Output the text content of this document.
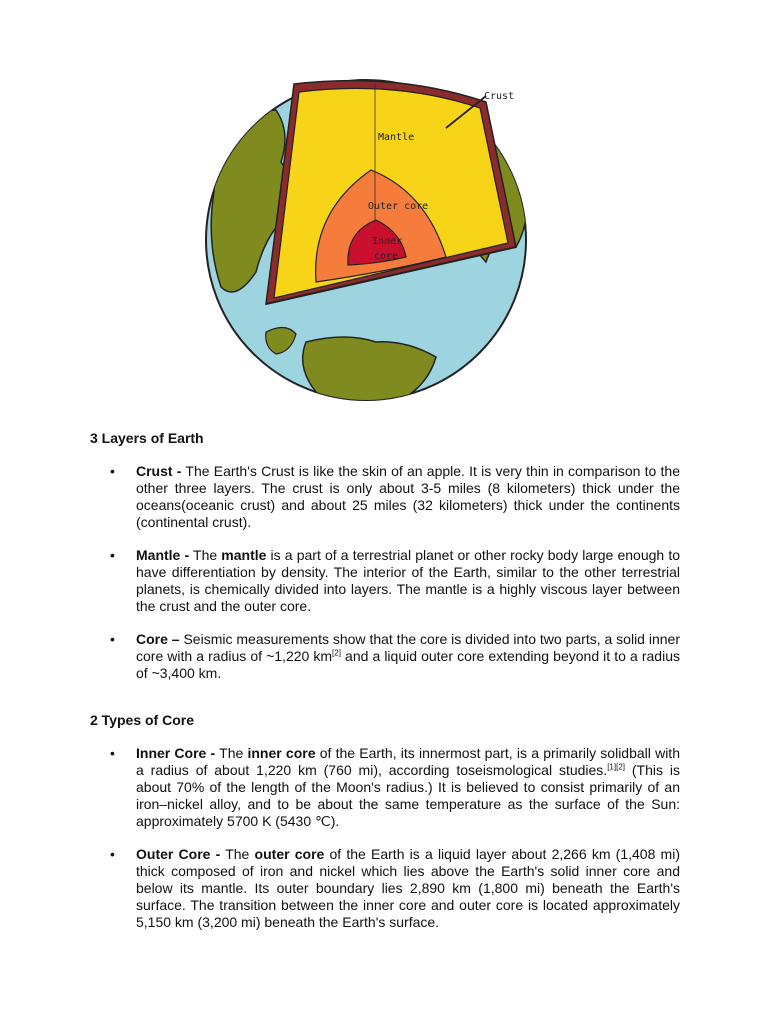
Crust
Mantle
Outer core
Inner
core
3 Layers of Earth
• Crust - The Earth's Crust is like the skin of an apple. It is very thin in comparison to the other three layers. The crust is only about 3-5 miles (8 kilometers) thick under the oceans(oceanic crust) and about 25 miles (32 kilometers) thick under the continents (continental crust).
• Mantle - The mantle is a part of a terrestrial planet or other rocky body large enough to have differentiation by density. The interior of the Earth, similar to the other terrestrial planets, is chemically divided into layers. The mantle is a highly viscous layer between the crust and the outer core.
• Core – Seismic measurements show that the core is divided into two parts, a solid inner core with a radius of ~1,220 km[2] and a liquid outer core extending beyond it to a radius of ~3,400 km.
2 Types of Core
• Inner Core - The inner core of the Earth, its innermost part, is a primarily solidball with a radius of about 1,220 km (760 mi), according toseismological studies.[1][2] (This is about 70% of the length of the Moon's radius.) It is believed to consist primarily of an iron–nickel alloy, and to be about the same temperature as the surface of the Sun: approximately 5700 K (5430 ℃).
• Outer Core - The outer core of the Earth is a liquid layer about 2,266 km (1,408 mi) thick composed of iron and nickel which lies above the Earth's solid inner core and below its mantle. Its outer boundary lies 2,890 km (1,800 mi) beneath the Earth's surface. The transition between the inner core and outer core is located approximately 5,150 km (3,200 mi) beneath the Earth's surface.
